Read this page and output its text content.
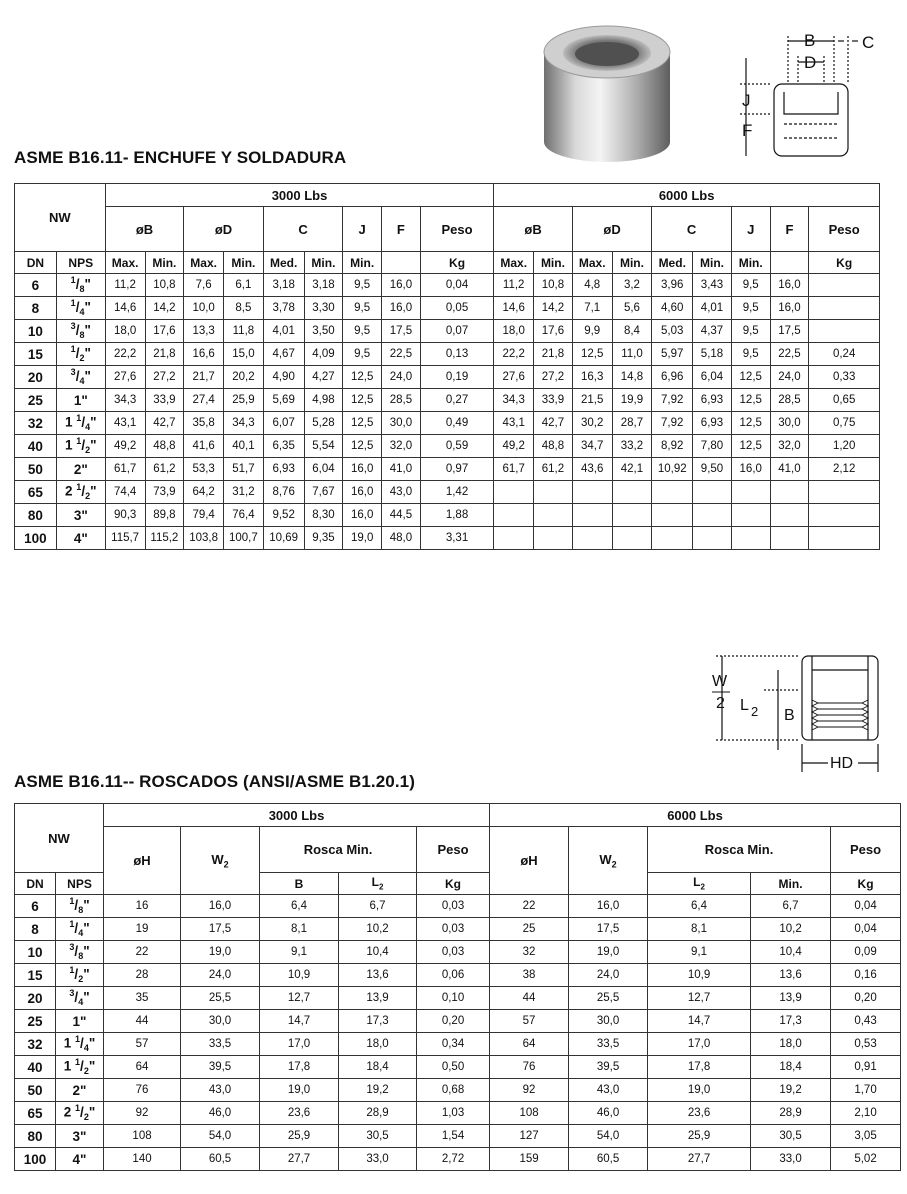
B	C
D
J
F
ASME B16.11- ENCHUFE Y SOLDADURA
NW		3000 Lbs									6000 Lbs								
		øB		øD		C		J	F	Peso	øB		øD		C		J	F	Peso
DN	NPS	Max.	Min.	Max.	Min.	Med.	Min.	Min.		Kg	Max.	Min.	Max.	Min.	Med.	Min.	Min.		Kg
6	$^1/_8$"	11,2	10,8	7,6	6,1	3,18	3,18	9,5	16,0	0,04	11,2	10,8	4,8	3,2	3,96	3,43	9,5	16,0	
8	$^1/_4$"	14,6	14,2	10,0	8,5	3,78	3,30	9,5	16,0	0,05	14,6	14,2	7,1	5,6	4,60	4,01	9,5	16,0	
10	$^3/_8$"	18,0	17,6	13,3	11,8	4,01	3,50	9,5	17,5	0,07	18,0	17,6	9,9	8,4	5,03	4,37	9,5	17,5	
15	$^1/_2$"	22,2	21,8	16,6	15,0	4,67	4,09	9,5	22,5	0,13	22,2	21,8	12,5	11,0	5,97	5,18	9,5	22,5	0,24
20	$^3/_4$"	27,6	27,2	21,7	20,2	4,90	4,27	12,5	24,0	0,19	27,6	27,2	16,3	14,8	6,96	6,04	12,5	24,0	0,33
25	1"	34,3	33,9	27,4	25,9	5,69	4,98	12,5	28,5	0,27	34,3	33,9	21,5	19,9	7,92	6,93	12,5	28,5	0,65
32	1 $^1/_4$"	43,1	42,7	35,8	34,3	6,07	5,28	12,5	30,0	0,49	43,1	42,7	30,2	28,7	7,92	6,93	12,5	30,0	0,75
40	1 $^1/_2$"	49,2	48,8	41,6	40,1	6,35	5,54	12,5	32,0	0,59	49,2	48,8	34,7	33,2	8,92	7,80	12,5	32,0	1,20
50	2"	61,7	61,2	53,3	51,7	6,93	6,04	16,0	41,0	0,97	61,7	61,2	43,6	42,1	10,92	9,50	16,0	41,0	2,12
65	2 $^1/_2$"	74,4	73,9	64,2	31,2	8,76	7,67	16,0	43,0	1,42									
80	3"	90,3	89,8	79,4	76,4	9,52	8,30	16,0	44,5	1,88									
100	4"	115,7	115,2	103,8	100,7	10,69	9,35	19,0	48,0	3,31									
W
2 L 2 B
HD
ASME B16.11-- ROSCADOS (ANSI/ASME B1.20.1)
NW		3000 Lbs					6000 Lbs				
		øH	$W_2$	Rosca Min.		Peso	øH	$W_2$	Rosca Min.		Peso
DN	NPS			B	$L_2$	Kg			$L_2$	Min.	Kg
6	$^1/_8$"	16	16,0	6,4	6,7	0,03	22	16,0	6,4	6,7	0,04
8	$^1/_4$"	19	17,5	8,1	10,2	0,03	25	17,5	8,1	10,2	0,04
10	$^3/_8$"	22	19,0	9,1	10,4	0,03	32	19,0	9,1	10,4	0,09
15	$^1/_2$"	28	24,0	10,9	13,6	0,06	38	24,0	10,9	13,6	0,16
20	$^3/_4$"	35	25,5	12,7	13,9	0,10	44	25,5	12,7	13,9	0,20
25	1"	44	30,0	14,7	17,3	0,20	57	30,0	14,7	17,3	0,43
32	1 $^1/_4$"	57	33,5	17,0	18,0	0,34	64	33,5	17,0	18,0	0,53
40	1 $^1/_2$"	64	39,5	17,8	18,4	0,50	76	39,5	17,8	18,4	0,91
50	2"	76	43,0	19,0	19,2	0,68	92	43,0	19,0	19,2	1,70
65	2 $^1/_2$"	92	46,0	23,6	28,9	1,03	108	46,0	23,6	28,9	2,10
80	3"	108	54,0	25,9	30,5	1,54	127	54,0	25,9	30,5	3,05
100	4"	140	60,5	27,7	33,0	2,72	159	60,5	27,7	33,0	5,02
